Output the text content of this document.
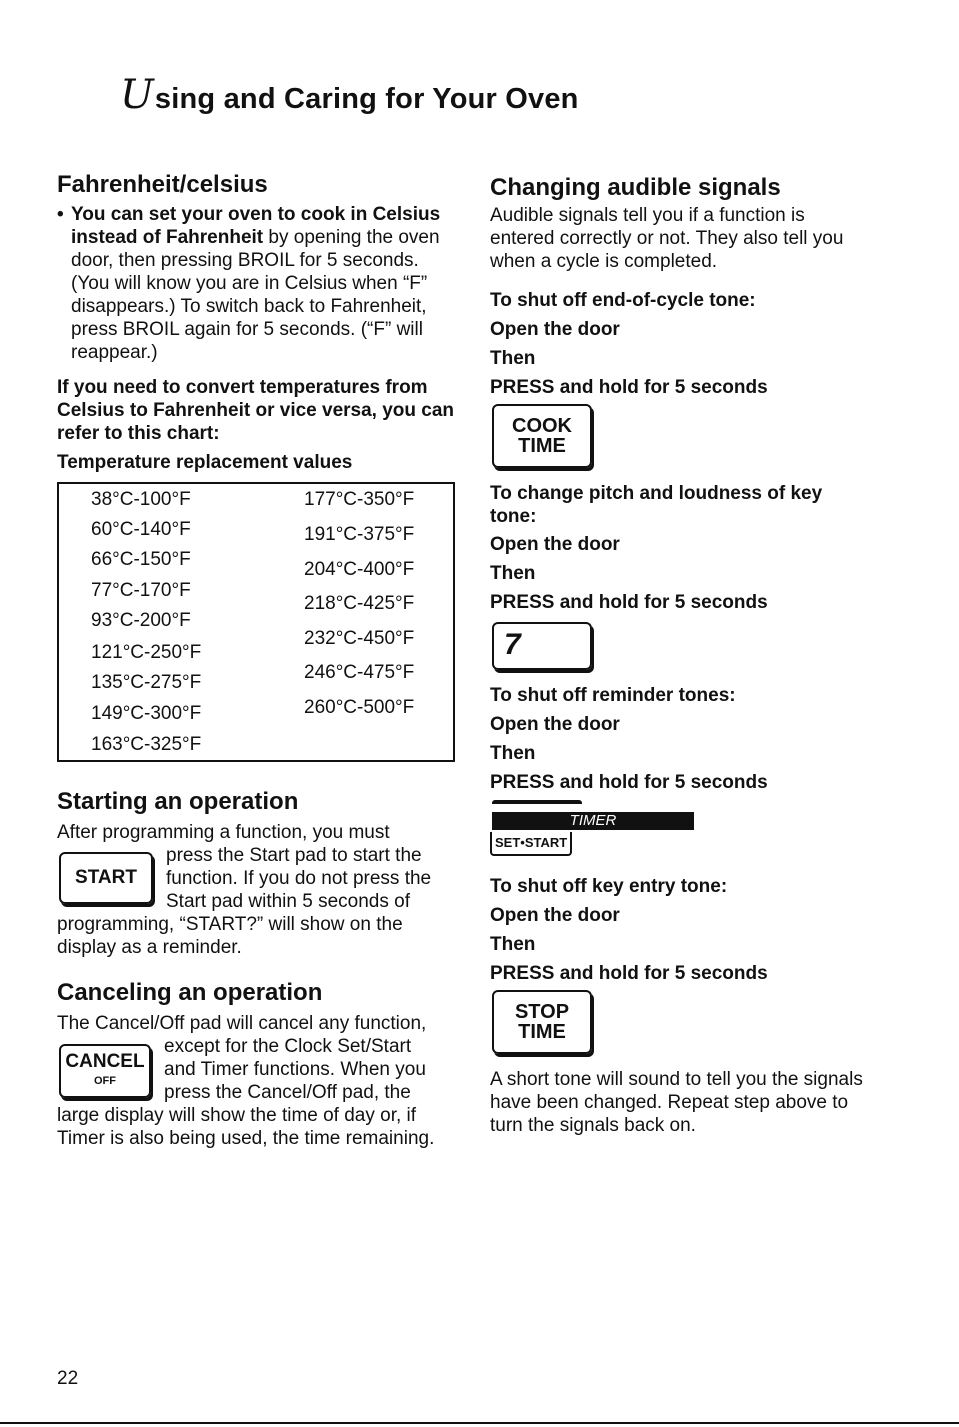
Using and Caring for Your Oven
Fahrenheit/celsius

• You can set your oven to cook in Celsius instead of Fahrenheit by opening the oven door, then pressing BROIL for 5 seconds. (You will know you are in Celsius when “F” disappears.) To switch back to Fahrenheit, press BROIL again for 5 seconds. (“F” will reappear.)

If you need to convert temperatures from Celsius to Fahrenheit or vice versa, you can refer to this chart:

Temperature replacement values

38°C-100°F
60°C-140°F
66°C-150°F
77°C-170°F
93°C-200°F
121°C-250°F
135°C-275°F
149°C-300°F
163°C-325°F
177°C-350°F
191°C-375°F
204°C-400°F
218°C-425°F
232°C-450°F
246°C-475°F
260°C-500°F
Starting an operation
After programming a function, you must
START

press the Start pad to start the

function. If you do not press the

Start pad within 5 seconds of

programming, “START?” will show on the

display as a reminder.

Canceling an operation
The Cancel/Off pad will cancel any function,
CANCEL
OFF

except for the Clock Set/Start

and Timer functions. When you

press the Cancel/Off pad, the

large display will show the time of day or, if

Timer is also being used, the time remaining.

Changing audible signals

Audible signals tell you if a function is

entered correctly or not. They also tell you

when a cycle is completed.

To shut off end-of-cycle tone:

Open the door

Then

PRESS and hold for 5 seconds

COOK
TIME

To change pitch and loudness of key

tone:

Open the door

Then

PRESS and hold for 5 seconds

7

To shut off reminder tones:

Open the door

Then

PRESS and hold for 5 seconds

TIMER
SET•START

To shut off key entry tone:

Open the door

Then

PRESS and hold for 5 seconds

STOP
TIME

A short tone will sound to tell you the signals

have been changed. Repeat step above to

turn the signals back on.

22
